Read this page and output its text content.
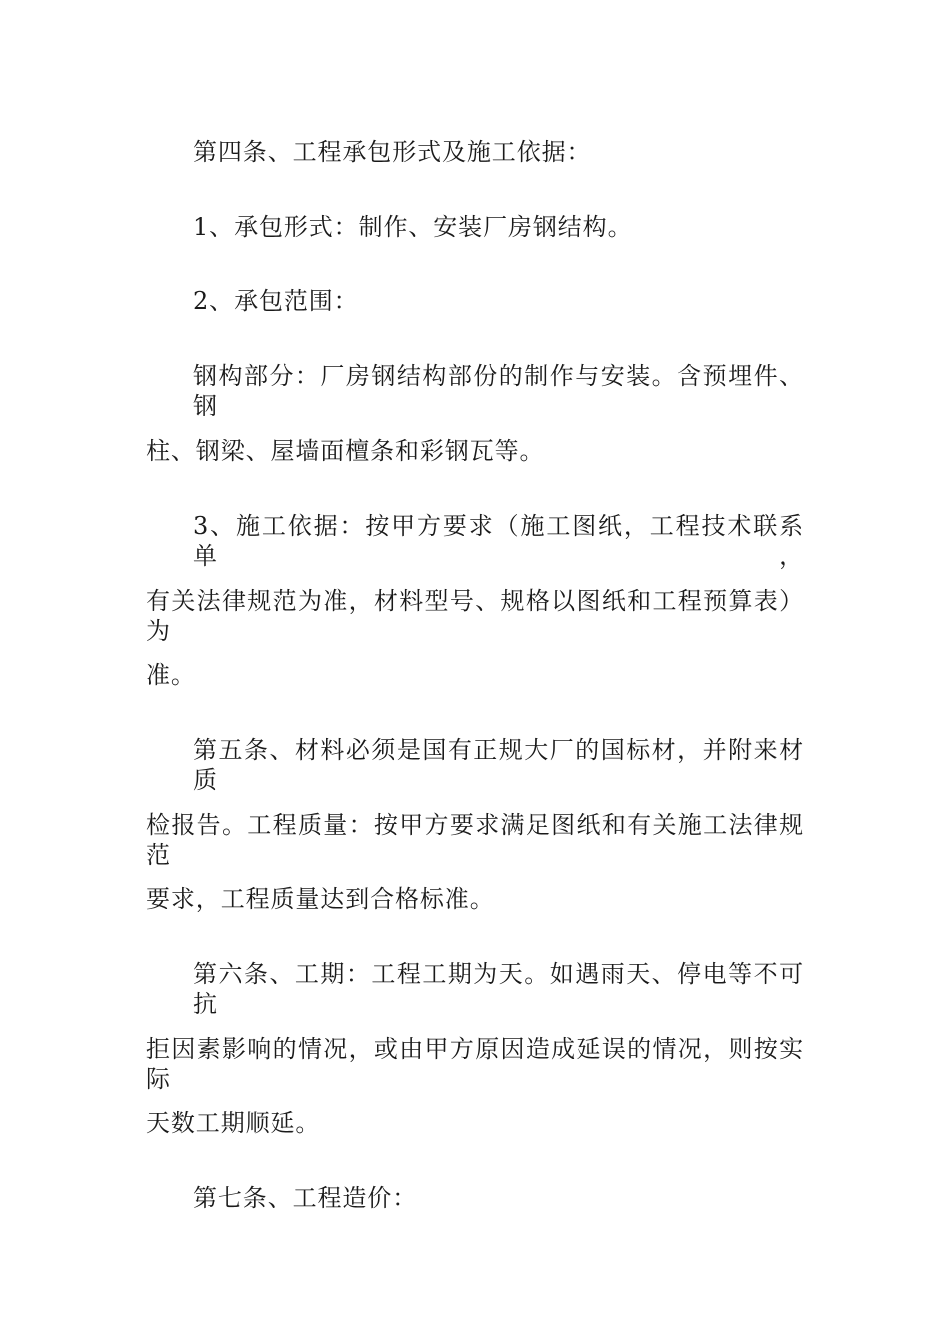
第四条、工程承包形式及施工依据：
1、承包形式：制作、安装厂房钢结构。
2、承包范围：
钢构部分：厂房钢结构部份的制作与安装。含预埋件、钢
柱、钢梁、屋墙面檀条和彩钢瓦等。
3、施工依据：按甲方要求（施工图纸，工程技术联系单，
有关法律规范为准，材料型号、规格以图纸和工程预算表）为
准。
第五条、材料必须是国有正规大厂的国标材，并附来材质
检报告。工程质量：按甲方要求满足图纸和有关施工法律规范
要求，工程质量达到合格标准。
第六条、工期：工程工期为天。如遇雨天、停电等不可抗
拒因素影响的情况，或由甲方原因造成延误的情况，则按实际
天数工期顺延。
第七条、工程造价：
